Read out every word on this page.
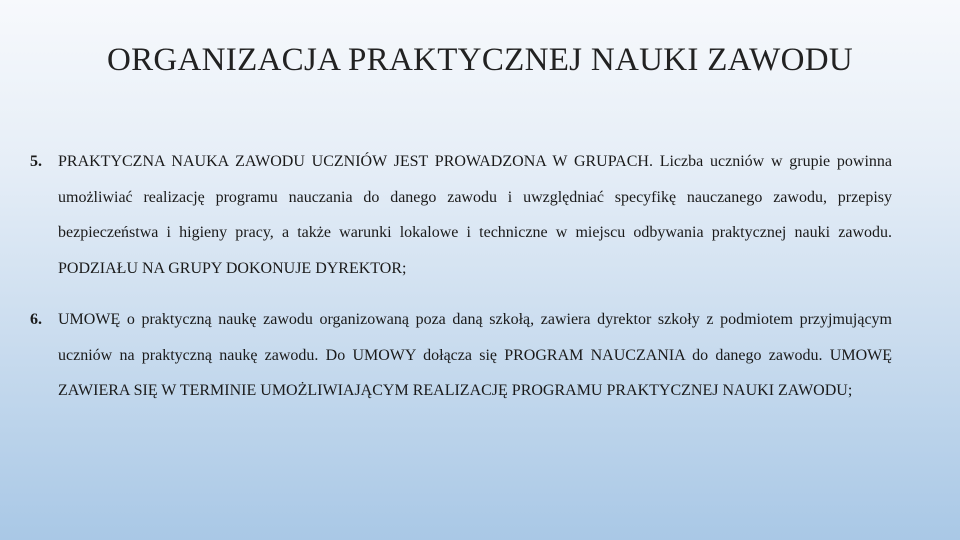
ORGANIZACJA PRAKTYCZNEJ NAUKI ZAWODU
5. PRAKTYCZNA NAUKA ZAWODU UCZNIÓW JEST PROWADZONA W GRUPACH. Liczba uczniów w grupie powinna umożliwiać realizację programu nauczania do danego zawodu i uwzględniać specyfikę nauczanego zawodu, przepisy bezpieczeństwa i higieny pracy, a także warunki lokalowe i techniczne w miejscu odbywania praktycznej nauki zawodu. PODZIAŁU NA GRUPY DOKONUJE DYREKTOR;
6. UMOWĘ o praktyczną naukę zawodu organizowaną poza daną szkołą, zawiera dyrektor szkoły z podmiotem przyjmującym uczniów na praktyczną naukę zawodu. Do UMOWY dołącza się PROGRAM NAUCZANIA do danego zawodu. UMOWĘ ZAWIERA SIĘ W TERMINIE UMOŻLIWIAJĄCYM REALIZACJĘ PROGRAMU PRAKTYCZNEJ NAUKI ZAWODU;
